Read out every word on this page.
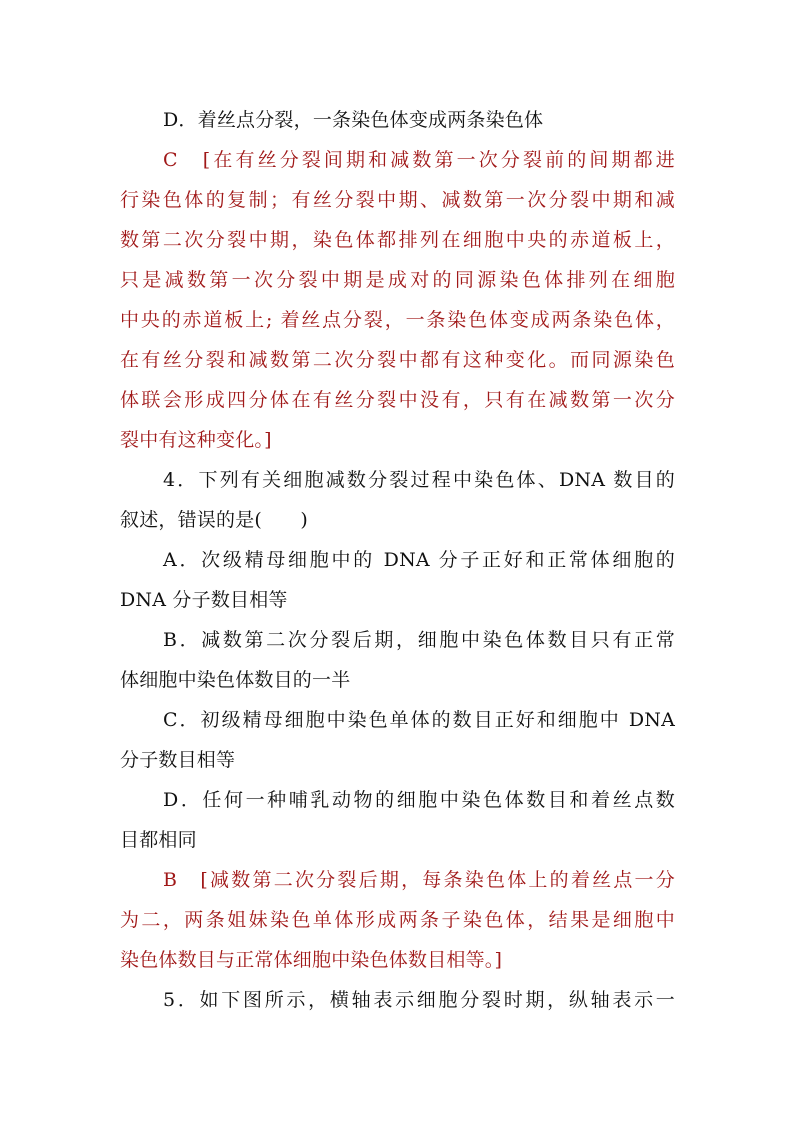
D．着丝点分裂，一条染色体变成两条染色体
C　[在有丝分裂间期和减数第一次分裂前的间期都进
行染色体的复制；有丝分裂中期、减数第一次分裂中期和减
数第二次分裂中期，染色体都排列在细胞中央的赤道板上，
只是减数第一次分裂中期是成对的同源染色体排列在细胞
中央的赤道板上; 着丝点分裂，一条染色体变成两条染色体，
在有丝分裂和减数第二次分裂中都有这种变化。而同源染色
体联会形成四分体在有丝分裂中没有，只有在减数第一次分
裂中有这种变化。]
4．下列有关细胞减数分裂过程中染色体、DNA 数目的
叙述，错误的是(　　)
A．次级精母细胞中的 DNA 分子正好和正常体细胞的
DNA 分子数目相等
B．减数第二次分裂后期，细胞中染色体数目只有正常
体细胞中染色体数目的一半
C．初级精母细胞中染色单体的数目正好和细胞中 DNA
分子数目相等
D．任何一种哺乳动物的细胞中染色体数目和着丝点数
目都相同
B　[减数第二次分裂后期，每条染色体上的着丝点一分
为二，两条姐妹染色单体形成两条子染色体，结果是细胞中
染色体数目与正常体细胞中染色体数目相等。]
5．如下图所示，横轴表示细胞分裂时期，纵轴表示一
